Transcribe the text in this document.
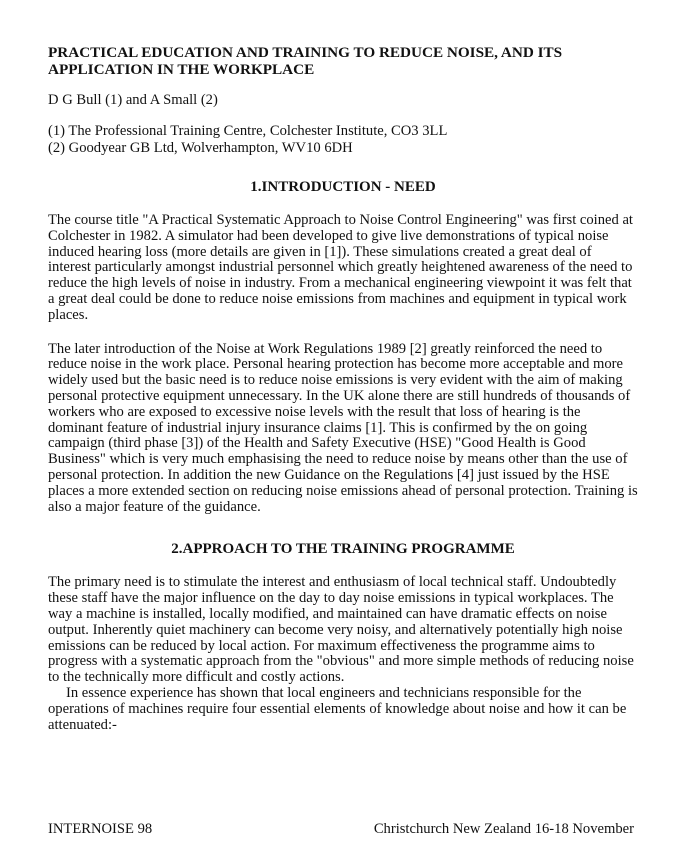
PRACTICAL EDUCATION AND TRAINING TO REDUCE NOISE, AND ITS
APPLICATION IN THE WORKPLACE
D G Bull (1) and A Small (2)
(1) The Professional Training Centre, Colchester Institute, CO3 3LL
(2) Goodyear GB Ltd, Wolverhampton, WV10 6DH
1.INTRODUCTION - NEED

The course title "A Practical Systematic Approach to Noise Control Engineering" was first coined at Colchester in 1982. A simulator had been developed to give live demonstrations of typical noise induced hearing loss (more details are given in [1]). These simulations created a great deal of interest particularly amongst industrial personnel which greatly heightened awareness of the need to reduce the high levels of noise in industry. From a mechanical engineering viewpoint it was felt that a great deal could be done to reduce noise emissions from machines and equipment in typical work places.

The later introduction of the Noise at Work Regulations 1989 [2] greatly reinforced the need to reduce noise in the work place. Personal hearing protection has become more acceptable and more widely used but the basic need is to reduce noise emissions is very evident with the aim of making personal protective equipment unnecessary. In the UK alone there are still hundreds of thousands of workers who are exposed to excessive noise levels with the result that loss of hearing is the dominant feature of industrial injury insurance claims [1]. This is confirmed by the on going campaign (third phase [3]) of the Health and Safety Executive (HSE) "Good Health is Good Business" which is very much emphasising the need to reduce noise by means other than the use of personal protection. In addition the new Guidance on the Regulations [4] just issued by the HSE places a more extended section on reducing noise emissions ahead of personal protection. Training is also a major feature of the guidance.

2.APPROACH TO THE TRAINING PROGRAMME

The primary need is to stimulate the interest and enthusiasm of local technical staff. Undoubtedly these staff have the major influence on the day to day noise emissions in typical workplaces. The way a machine is installed, locally modified, and maintained can have dramatic effects on noise output. Inherently quiet machinery can become very noisy, and alternatively potentially high noise emissions can be reduced by local action. For maximum effectiveness the programme aims to progress with a systematic approach from the "obvious" and more simple methods of reducing noise to the technically more difficult and costly actions.

In essence experience has shown that local engineers and technicians responsible for the operations of machines require four essential elements of knowledge about noise and how it can be attenuated:-

INTERNOISE 98	Christchurch New Zealand 16-18 November
